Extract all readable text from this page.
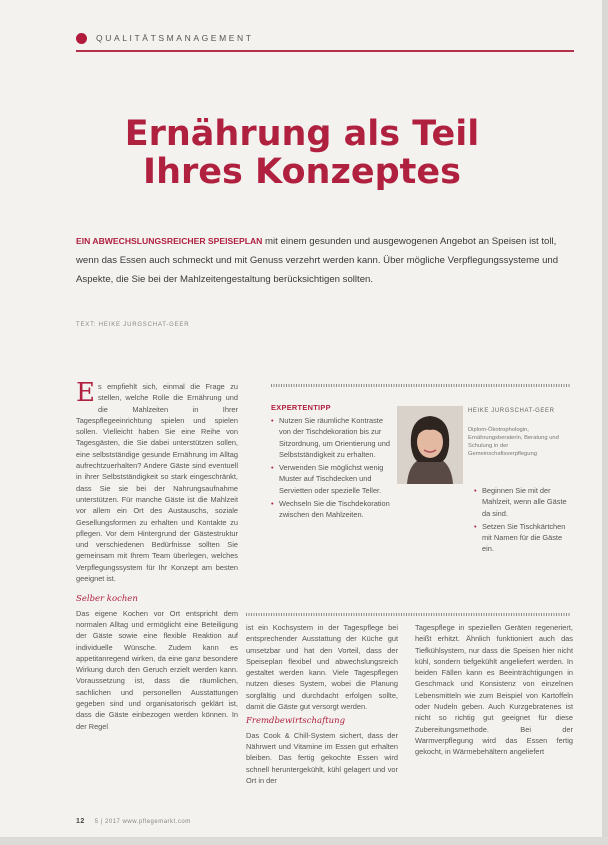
QUALITÄTSMANAGEMENT
Ernährung als Teil
Ihres Konzeptes

EIN ABWECHSLUNGSREICHER SPEISEPLAN mit einem gesunden und ausgewogenen Angebot an Speisen ist toll, wenn das Essen auch schmeckt und mit Genuss verzehrt werden kann. Über mögliche Verpflegungssysteme und Aspekte, die Sie bei der Mahlzeitengestaltung berücksichtigen sollten.

TEXT: HEIKE JURGSCHAT-GEER
Es empfiehlt sich, einmal die Frage zu stellen, welche Rolle die Ernährung und die Mahlzeiten in Ihrer Tagespflegeeinrichtung spielen und spielen sollen. Vielleicht haben Sie eine Reihe von Tagesgästen, die Sie dabei unterstützen sollen, eine selbstständige gesunde Ernährung im Alltag aufrechtzuerhalten? Andere Gäste sind eventuell in ihrer Selbstständigkeit so stark eingeschränkt, dass Sie sie bei der Nahrungsaufnahme unterstützen. Für manche Gäste ist die Mahlzeit vor allem ein Ort des Austauschs, soziale Gesellungsformen zu erhalten und Kontakte zu pflegen. Vor dem Hintergrund der Gästestruktur und verschiedenen Bedürfnisse sollten Sie gemeinsam mit Ihrem Team überlegen, welches Verpflegungssystem für Ihr Konzept am besten geeignet ist.
Selber kochen
Das eigene Kochen vor Ort entspricht dem normalen Alltag und ermöglicht eine Beteiligung der Gäste sowie eine flexible Reaktion auf individuelle Wünsche. Zudem kann es appetitanregend wirken, da eine ganz besondere Wirkung durch den Geruch erzielt werden kann. Voraussetzung ist, dass die räumlichen, sachlichen und personellen Ausstattungen gegeben sind und organisatorisch geklärt ist, dass die Gäste einbezogen werden können. In der Regel
EXPERTENTIPP
• Nutzen Sie räumliche Kontraste von der Tischdekoration bis zur Sitzordnung, um Orientierung und Selbstständigkeit zu erhalten.
• Verwenden Sie möglichst wenig Muster auf Tischdecken und Servietten oder spezielle Teller.
• Wechseln Sie die Tischdekoration zwischen den Mahlzeiten.
HEIKE JURGSCHAT-GEER
Diplom-Ökotrophologin, Ernährungsberaterin, Beratung und Schulung in der Gemeinschaftsverpflegung
• Beginnen Sie mit der Mahlzeit, wenn alle Gäste da sind.
• Setzen Sie Tischkärtchen mit Namen für die Gäste ein.
ist ein Kochsystem in der Tagespflege bei entsprechender Ausstattung der Küche gut umsetzbar und hat den Vorteil, dass der Speiseplan flexibel und abwechslungsreich gestaltet werden kann. Viele Tagespflegen nutzen dieses System, wobei die Planung sorgfältig und durchdacht erfolgen sollte, damit die Gäste gut versorgt werden.
Fremdbewirtschaftung
Das Cook & Chill-System sichert, dass der Nährwert und Vitamine im Essen gut erhalten bleiben. Das fertig gekochte Essen wird schnell heruntergekühlt, kühl gelagert und vor Ort in der
Tagespflege in speziellen Geräten regeneriert, heißt erhitzt. Ähnlich funktioniert auch das Tiefkühlsystem, nur dass die Speisen hier nicht kühl, sondern tiefgekühlt angeliefert werden. In beiden Fällen kann es Beeinträchtigungen in Geschmack und Konsistenz von einzelnen Lebensmitteln wie zum Beispiel von Kartoffeln oder Nudeln geben. Auch Kurzgebratenes ist nicht so richtig gut geeignet für diese Zubereitungsmethode. Bei der Warmverpflegung wird das Essen fertig gekocht, in Wärmebehältern angeliefert
12 5 | 2017 www.pflegemarkt.com
